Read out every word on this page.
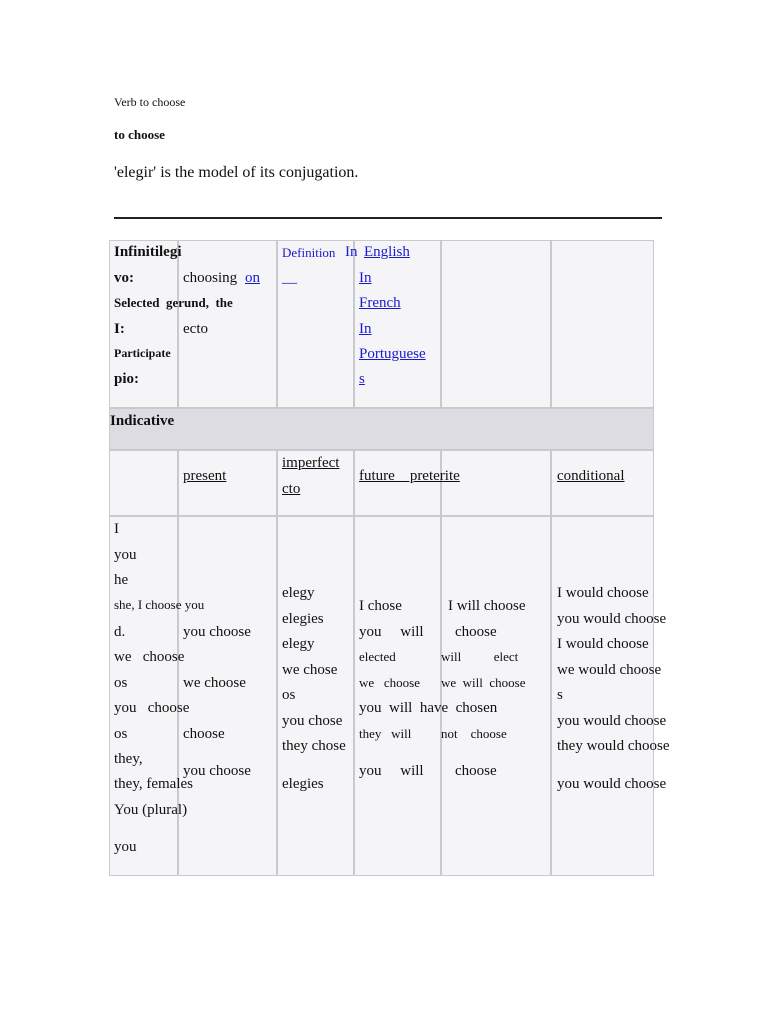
Verb to choose
to choose
'elegir' is the model of its conjugation.
Indicative
Infinitilegi
vo:
Selected  gerund,  the
I:
Participate
pio:
choosing on
ecto
Definition In
__
English
In
French
In
Portuguese
s
present
imperfect
cto
future    preterite	conditional
I
you
he
she, I choose you
d.
we   choose
os
you   choose
os
they,
they, females
You (plural)
you
you choose
we choose
choose
you choose
elegy
elegies
elegy
we chose
os
you chose
they chose
elegies
I chose
you     will
elected
we   choose
you  will  have  chosen
they   will
you     will
I will choose
choose
will          elect
we  will  choose
not    choose
choose
I would choose
you would choose
I would choose
we would choose
s
you would choose
they would choose
you would choose
